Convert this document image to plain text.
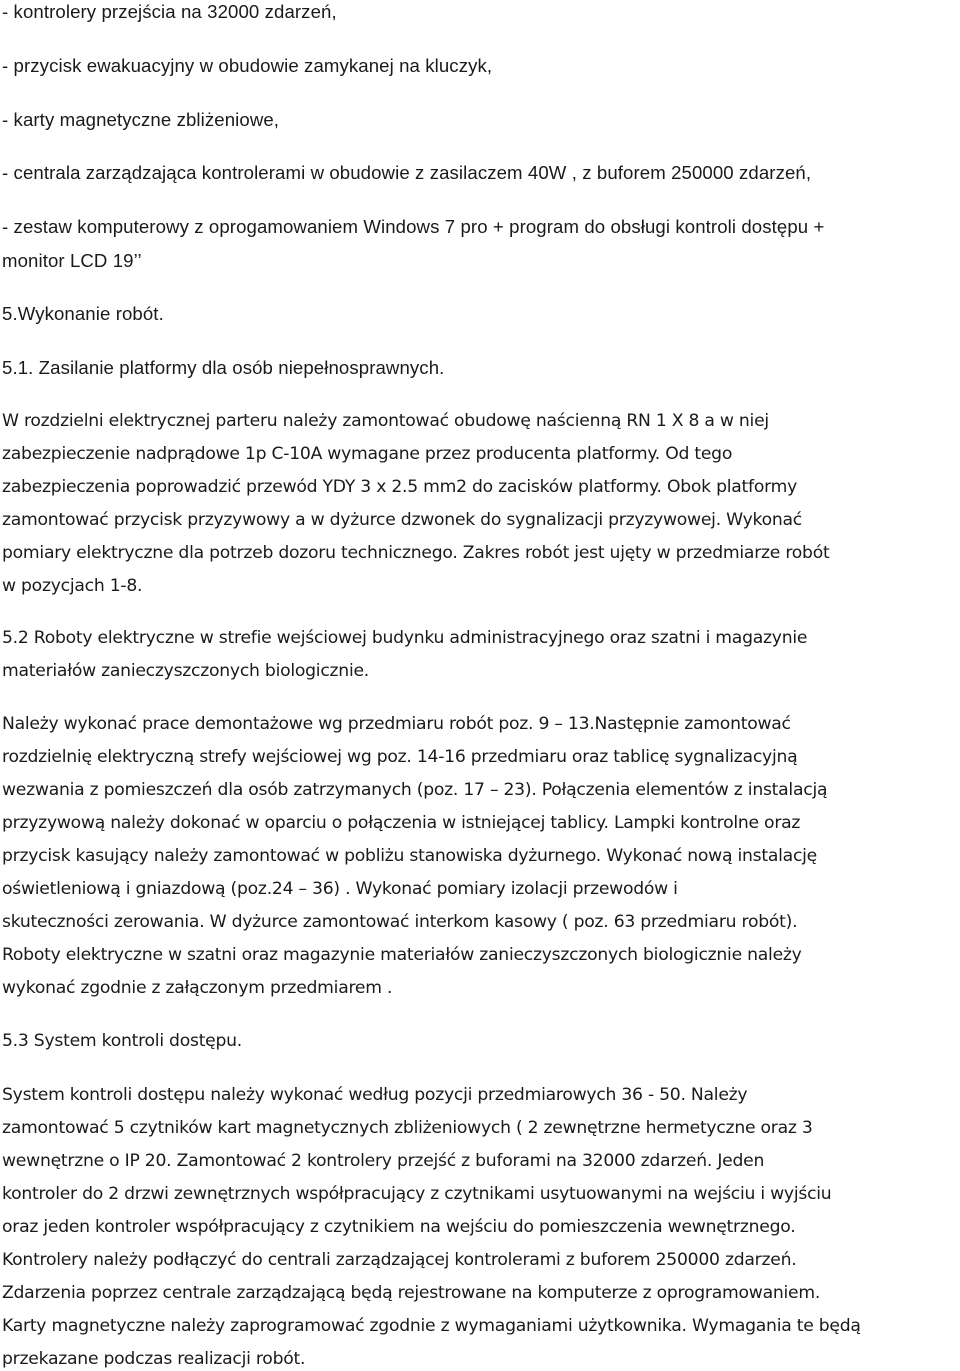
- kontrolery przejścia na 32000 zdarzeń,
- przycisk ewakuacyjny w obudowie zamykanej na kluczyk,
- karty magnetyczne zbliżeniowe,
- centrala zarządzająca kontrolerami w obudowie z zasilaczem 40W , z buforem 250000 zdarzeń,
- zestaw komputerowy z oprogamowaniem Windows 7 pro + program do obsługi kontroli dostępu +
monitor LCD 19’’
5.Wykonanie robót.
5.1. Zasilanie platformy dla osób niepełnosprawnych.
W rozdzielni elektrycznej parteru należy zamontować obudowę naścienną RN 1 X 8 a w niej
zabezpieczenie nadprądowe 1p C-10A wymagane przez producenta platformy. Od tego
zabezpieczenia poprowadzić przewód YDY 3 x 2.5 mm2 do zacisków platformy. Obok platformy
zamontować przycisk przyzywowy a w dyżurce dzwonek do sygnalizacji przyzywowej. Wykonać
pomiary elektryczne dla potrzeb dozoru technicznego. Zakres robót jest ujęty w przedmiarze robót
w pozycjach 1-8.
5.2 Roboty elektryczne w strefie wejściowej budynku administracyjnego oraz szatni i magazynie
materiałów zanieczyszczonych biologicznie.
Należy wykonać prace demontażowe wg przedmiaru robót poz. 9 – 13.Następnie zamontować
rozdzielnię elektryczną strefy wejściowej wg poz. 14-16 przedmiaru oraz tablicę sygnalizacyjną
wezwania z pomieszczeń dla osób zatrzymanych (poz. 17 – 23). Połączenia elementów z instalacją
przyzywową należy dokonać w oparciu o połączenia w istniejącej tablicy. Lampki kontrolne oraz
przycisk kasujący należy zamontować w pobliżu stanowiska dyżurnego. Wykonać nową instalację
oświetleniową i gniazdową (poz.24 – 36) . Wykonać pomiary izolacji przewodów i
skuteczności zerowania. W dyżurce zamontować interkom kasowy ( poz. 63 przedmiaru robót).
Roboty elektryczne w szatni oraz magazynie materiałów zanieczyszczonych biologicznie należy
wykonać zgodnie z załączonym przedmiarem .
5.3 System kontroli dostępu.
System kontroli dostępu należy wykonać według pozycji przedmiarowych 36 - 50. Należy
zamontować 5 czytników kart magnetycznych zbliżeniowych ( 2 zewnętrzne hermetyczne oraz 3
wewnętrzne o IP 20. Zamontować 2 kontrolery przejść z buforami na 32000 zdarzeń. Jeden
kontroler do 2 drzwi zewnętrznych współpracujący z czytnikami usytuowanymi na wejściu i wyjściu
oraz jeden kontroler współpracujący z czytnikiem na wejściu do pomieszczenia wewnętrznego.
Kontrolery należy podłączyć do centrali zarządzającej kontrolerami z buforem 250000 zdarzeń.
Zdarzenia poprzez centrale zarządzającą będą rejestrowane na komputerze z oprogramowaniem.
Karty magnetyczne należy zaprogramować zgodnie z wymaganiami użytkownika. Wymagania te będą
przekazane podczas realizacji robót.
